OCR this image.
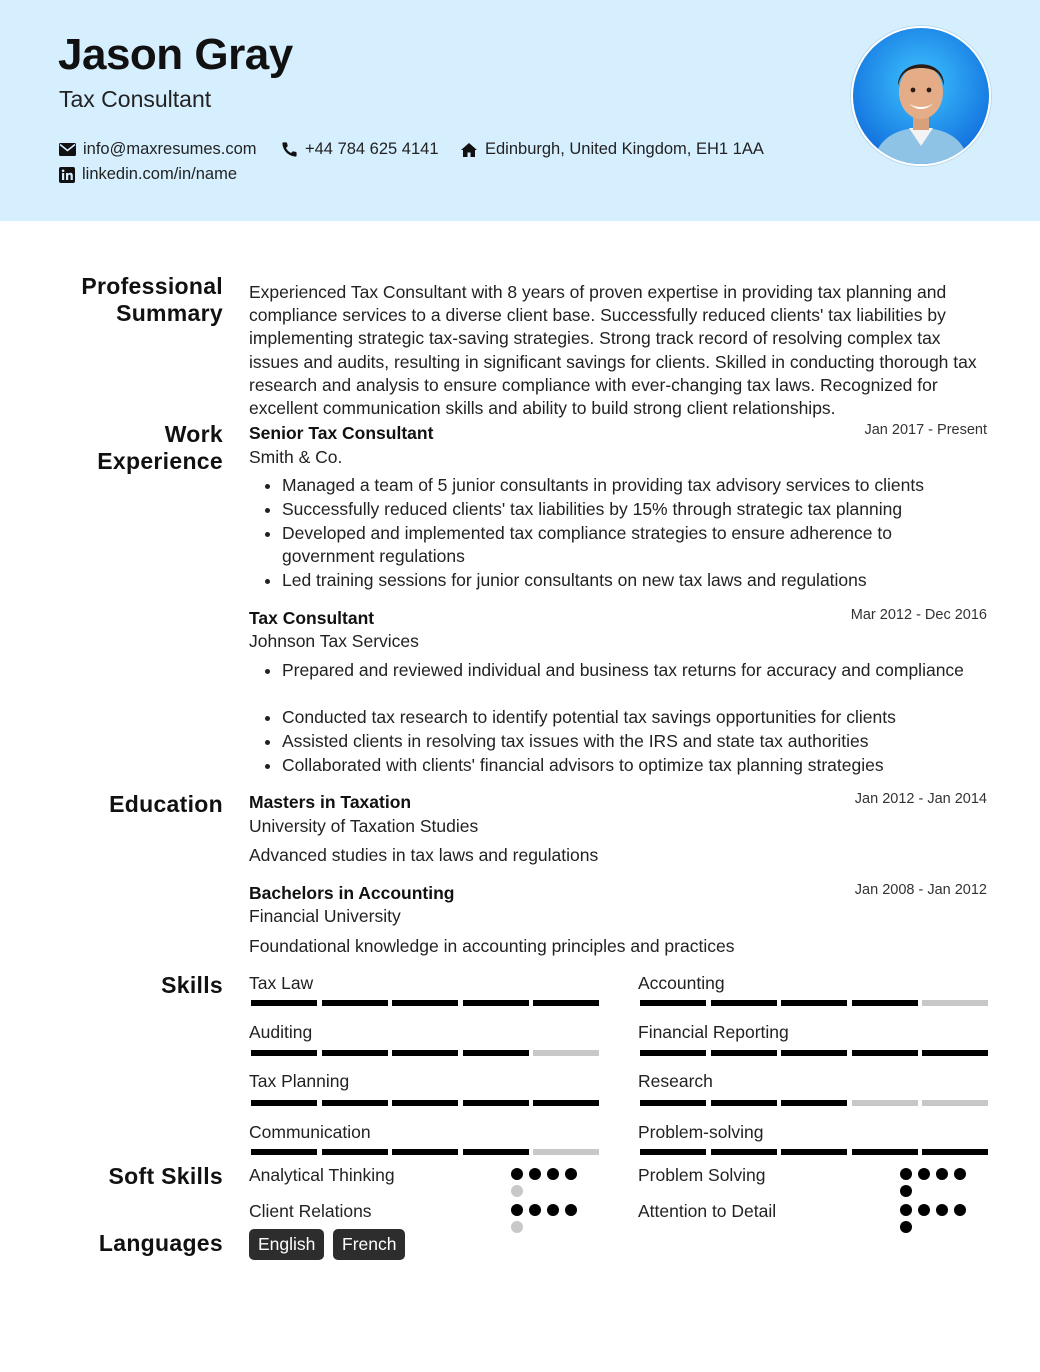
Jason Gray
Tax Consultant
info@maxresumes.com	+44 784 625 4141	Edinburgh, United Kingdom, EH1 1AA
linkedin.com/in/name
Professional Summary
Experienced Tax Consultant with 8 years of proven expertise in providing tax planning and compliance services to a diverse client base. Successfully reduced clients' tax liabilities by implementing strategic tax-saving strategies. Strong track record of resolving complex tax issues and audits, resulting in significant savings for clients. Skilled in conducting thorough tax research and analysis to ensure compliance with ever-changing tax laws. Recognized for excellent communication skills and ability to build strong client relationships.
Work Experience
Senior Tax Consultant	Jan 2017 - Present
Smith & Co.
• Managed a team of 5 junior consultants in providing tax advisory services to clients
• Successfully reduced clients' tax liabilities by 15% through strategic tax planning
• Developed and implemented tax compliance strategies to ensure adherence to government regulations
• Led training sessions for junior consultants on new tax laws and regulations
Tax Consultant	Mar 2012 - Dec 2016
Johnson Tax Services
• Prepared and reviewed individual and business tax returns for accuracy and compliance
• Conducted tax research to identify potential tax savings opportunities for clients
• Assisted clients in resolving tax issues with the IRS and state tax authorities
• Collaborated with clients' financial advisors to optimize tax planning strategies
Education Masters in Taxation	Jan 2012 - Jan 2014
University of Taxation Studies
Advanced studies in tax laws and regulations
Bachelors in Accounting	Jan 2008 - Jan 2012
Financial University
Foundational knowledge in accounting principles and practices
Skills Tax Law	Accounting
Auditing	Financial Reporting
Tax Planning	Research
Communication	Problem-solving
Soft Skills Analytical Thinking	Problem Solving
Client Relations	Attention to Detail
Languages	English	French
